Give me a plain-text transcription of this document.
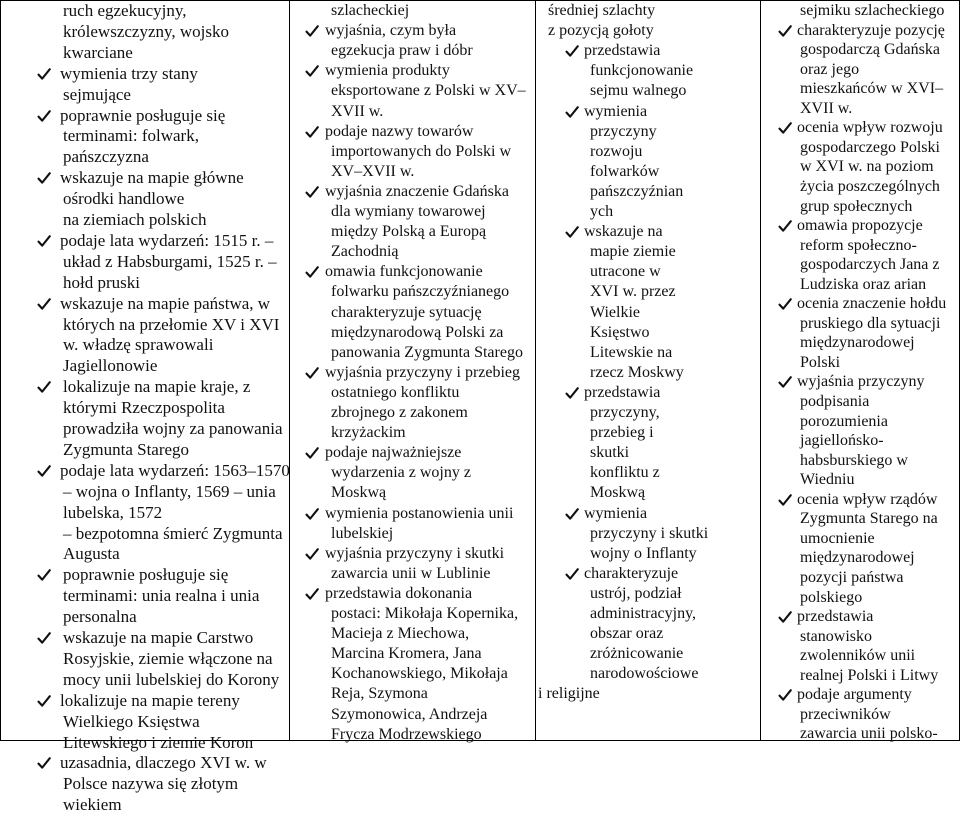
ruch egzekucyjny,
królewszczyzny, wojsko
kwarciane
wymienia trzy stany
sejmujące
poprawnie posługuje się
terminami: folwark,
pańszczyzna
wskazuje na mapie główne
ośrodki handlowe
na ziemiach polskich
podaje lata wydarzeń: 1515 r. –
układ z Habsburgami, 1525 r. –
hołd pruski
wskazuje na mapie państwa, w
których na przełomie XV i XVI
w. władzę sprawowali
Jagiellonowie
lokalizuje na mapie kraje, z
którymi Rzeczpospolita
prowadziła wojny za panowania
Zygmunta Starego
podaje lata wydarzeń: 1563–1570
– wojna o Inflanty, 1569 – unia
lubelska, 1572
– bezpotomna śmierć Zygmunta
Augusta
poprawnie posługuje się
terminami: unia realna i unia
personalna
wskazuje na mapie Carstwo
Rosyjskie, ziemie włączone na
mocy unii lubelskiej do Korony
lokalizuje na mapie tereny
Wielkiego Księstwa
Litewskiego i ziemie Koron
uzasadnia, dlaczego XVI w. w
Polsce nazywa się złotym
wiekiem
szlacheckiej
wyjaśnia, czym była
egzekucja praw i dóbr
wymienia produkty
eksportowane z Polski w XV–
XVII w.
podaje nazwy towarów
importowanych do Polski w
XV–XVII w.
wyjaśnia znaczenie Gdańska
dla wymiany towarowej
między Polską a Europą
Zachodnią
omawia funkcjonowanie
folwarku pańszczyźnianego
charakteryzuje sytuację
międzynarodową Polski za
panowania Zygmunta Starego
wyjaśnia przyczyny i przebieg
ostatniego konfliktu
zbrojnego z zakonem
krzyżackim
podaje najważniejsze
wydarzenia z wojny z
Moskwą
wymienia postanowienia unii
lubelskiej
wyjaśnia przyczyny i skutki
zawarcia unii w Lublinie
przedstawia dokonania
postaci: Mikołaja Kopernika,
Macieja z Miechowa,
Marcina Kromera, Jana
Kochanowskiego, Mikołaja
Reja, Szymona
Szymonowica, Andrzeja
Frycza Modrzewskiego
średniej szlachty
z pozycją gołoty
przedstawia
funkcjonowanie
sejmu walnego
wymienia
przyczyny
rozwoju
folwarków
pańszczyźnian
ych
wskazuje na
mapie ziemie
utracone w
XVI w. przez
Wielkie
Księstwo
Litewskie na
rzecz Moskwy
przedstawia
przyczyny,
przebieg i
skutki
konfliktu z
Moskwą
wymienia
przyczyny i skutki
wojny o Inflanty
charakteryzuje
ustrój, podział
administracyjny,
obszar oraz
zróżnicowanie
narodowościowe
i religijne
sejmiku szlacheckiego
charakteryzuje pozycję
gospodarczą Gdańska
oraz jego
mieszkańców w XVI–
XVII w.
ocenia wpływ rozwoju
gospodarczego Polski
w XVI w. na poziom
życia poszczególnych
grup społecznych
omawia propozycje
reform społeczno-
gospodarczych Jana z
Ludziska oraz arian
ocenia znaczenie hołdu
pruskiego dla sytuacji
międzynarodowej
Polski
wyjaśnia przyczyny
podpisania
porozumienia
jagiellońsko-
habsburskiego w
Wiedniu
ocenia wpływ rządów
Zygmunta Starego na
umocnienie
międzynarodowej
pozycji państwa
polskiego
przedstawia
stanowisko
zwolenników unii
realnej Polski i Litwy
podaje argumenty
przeciwników
zawarcia unii polsko-
